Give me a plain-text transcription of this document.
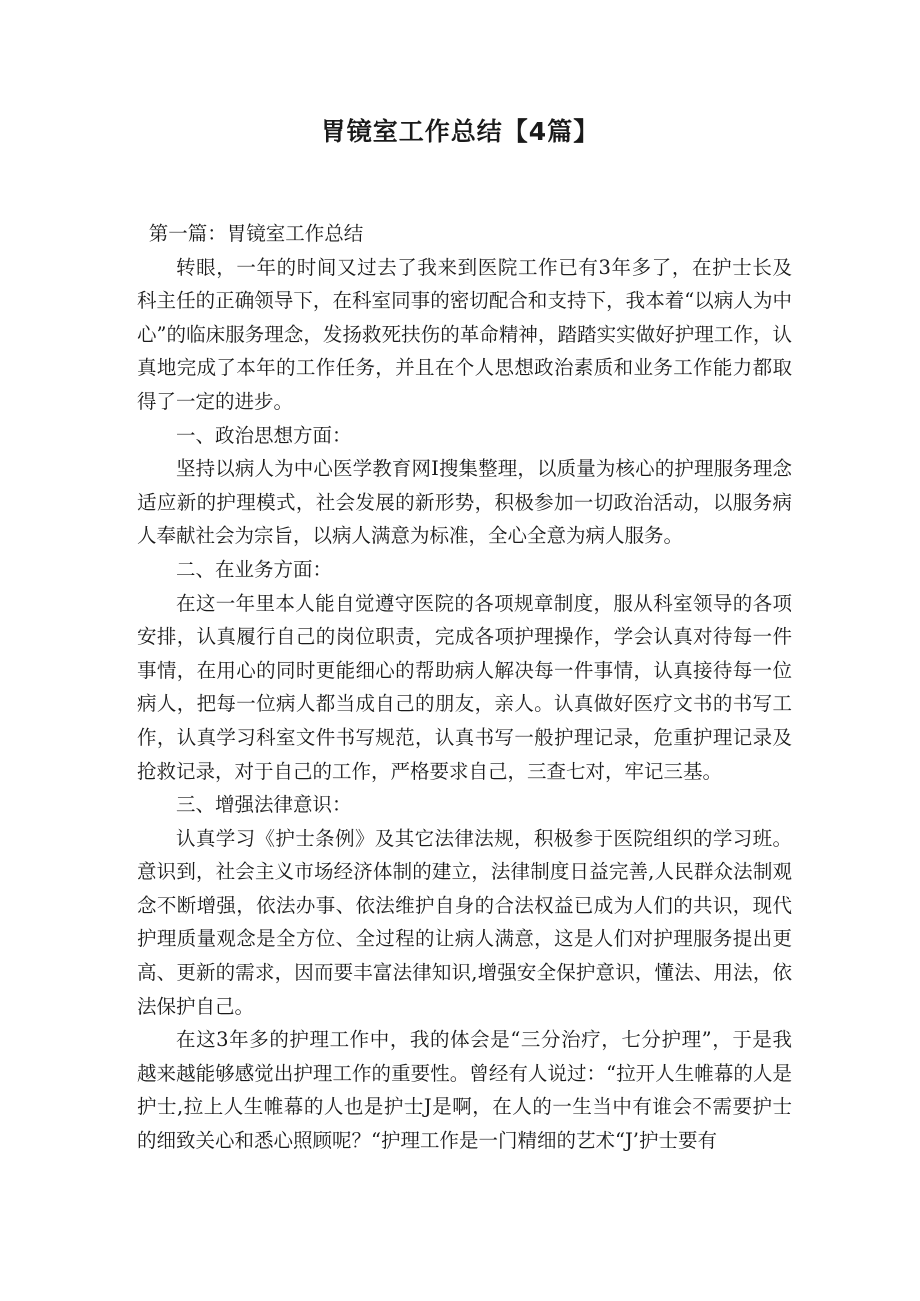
胃镜室工作总结【4篇】

第一篇：胃镜室工作总结

转眼，一年的时间又过去了我来到医院工作已有3年多了，在护士长及科主任的正确领导下，在科室同事的密切配合和支持下，我本着“以病人为中心”的临床服务理念，发扬救死扶伤的革命精神，踏踏实实做好护理工作，认真地完成了本年的工作任务，并且在个人思想政治素质和业务工作能力都取得了一定的进步。

一、政治思想方面：

坚持以病人为中心医学教育网I搜集整理，以质量为核心的护理服务理念适应新的护理模式，社会发展的新形势，积极参加一切政治活动，以服务病人奉献社会为宗旨，以病人满意为标准，全心全意为病人服务。

二、在业务方面：

在这一年里本人能自觉遵守医院的各项规章制度，服从科室领导的各项安排，认真履行自己的岗位职责，完成各项护理操作，学会认真对待每一件事情，在用心的同时更能细心的帮助病人解决每一件事情，认真接待每一位病人，把每一位病人都当成自己的朋友，亲人。认真做好医疗文书的书写工作，认真学习科室文件书写规范，认真书写一般护理记录，危重护理记录及抢救记录，对于自己的工作，严格要求自己，三查七对，牢记三基。

三、增强法律意识：

认真学习《护士条例》及其它法律法规，积极参于医院组织的学习班。意识到，社会主义市场经济体制的建立，法律制度日益完善,人民群众法制观念不断增强，依法办事、依法维护自身的合法权益已成为人们的共识，现代护理质量观念是全方位、全过程的让病人满意，这是人们对护理服务提出更高、更新的需求，因而要丰富法律知识,增强安全保护意识，懂法、用法，依法保护自己。

在这3年多的护理工作中，我的体会是“三分治疗，七分护理”，于是我越来越能够感觉出护理工作的重要性。曾经有人说过：“拉开人生帷幕的人是护士,拉上人生帷幕的人也是护士J是啊，在人的一生当中有谁会不需要护士的细致关心和悉心照顾呢？“护理工作是一门精细的艺术“J’护士要有
